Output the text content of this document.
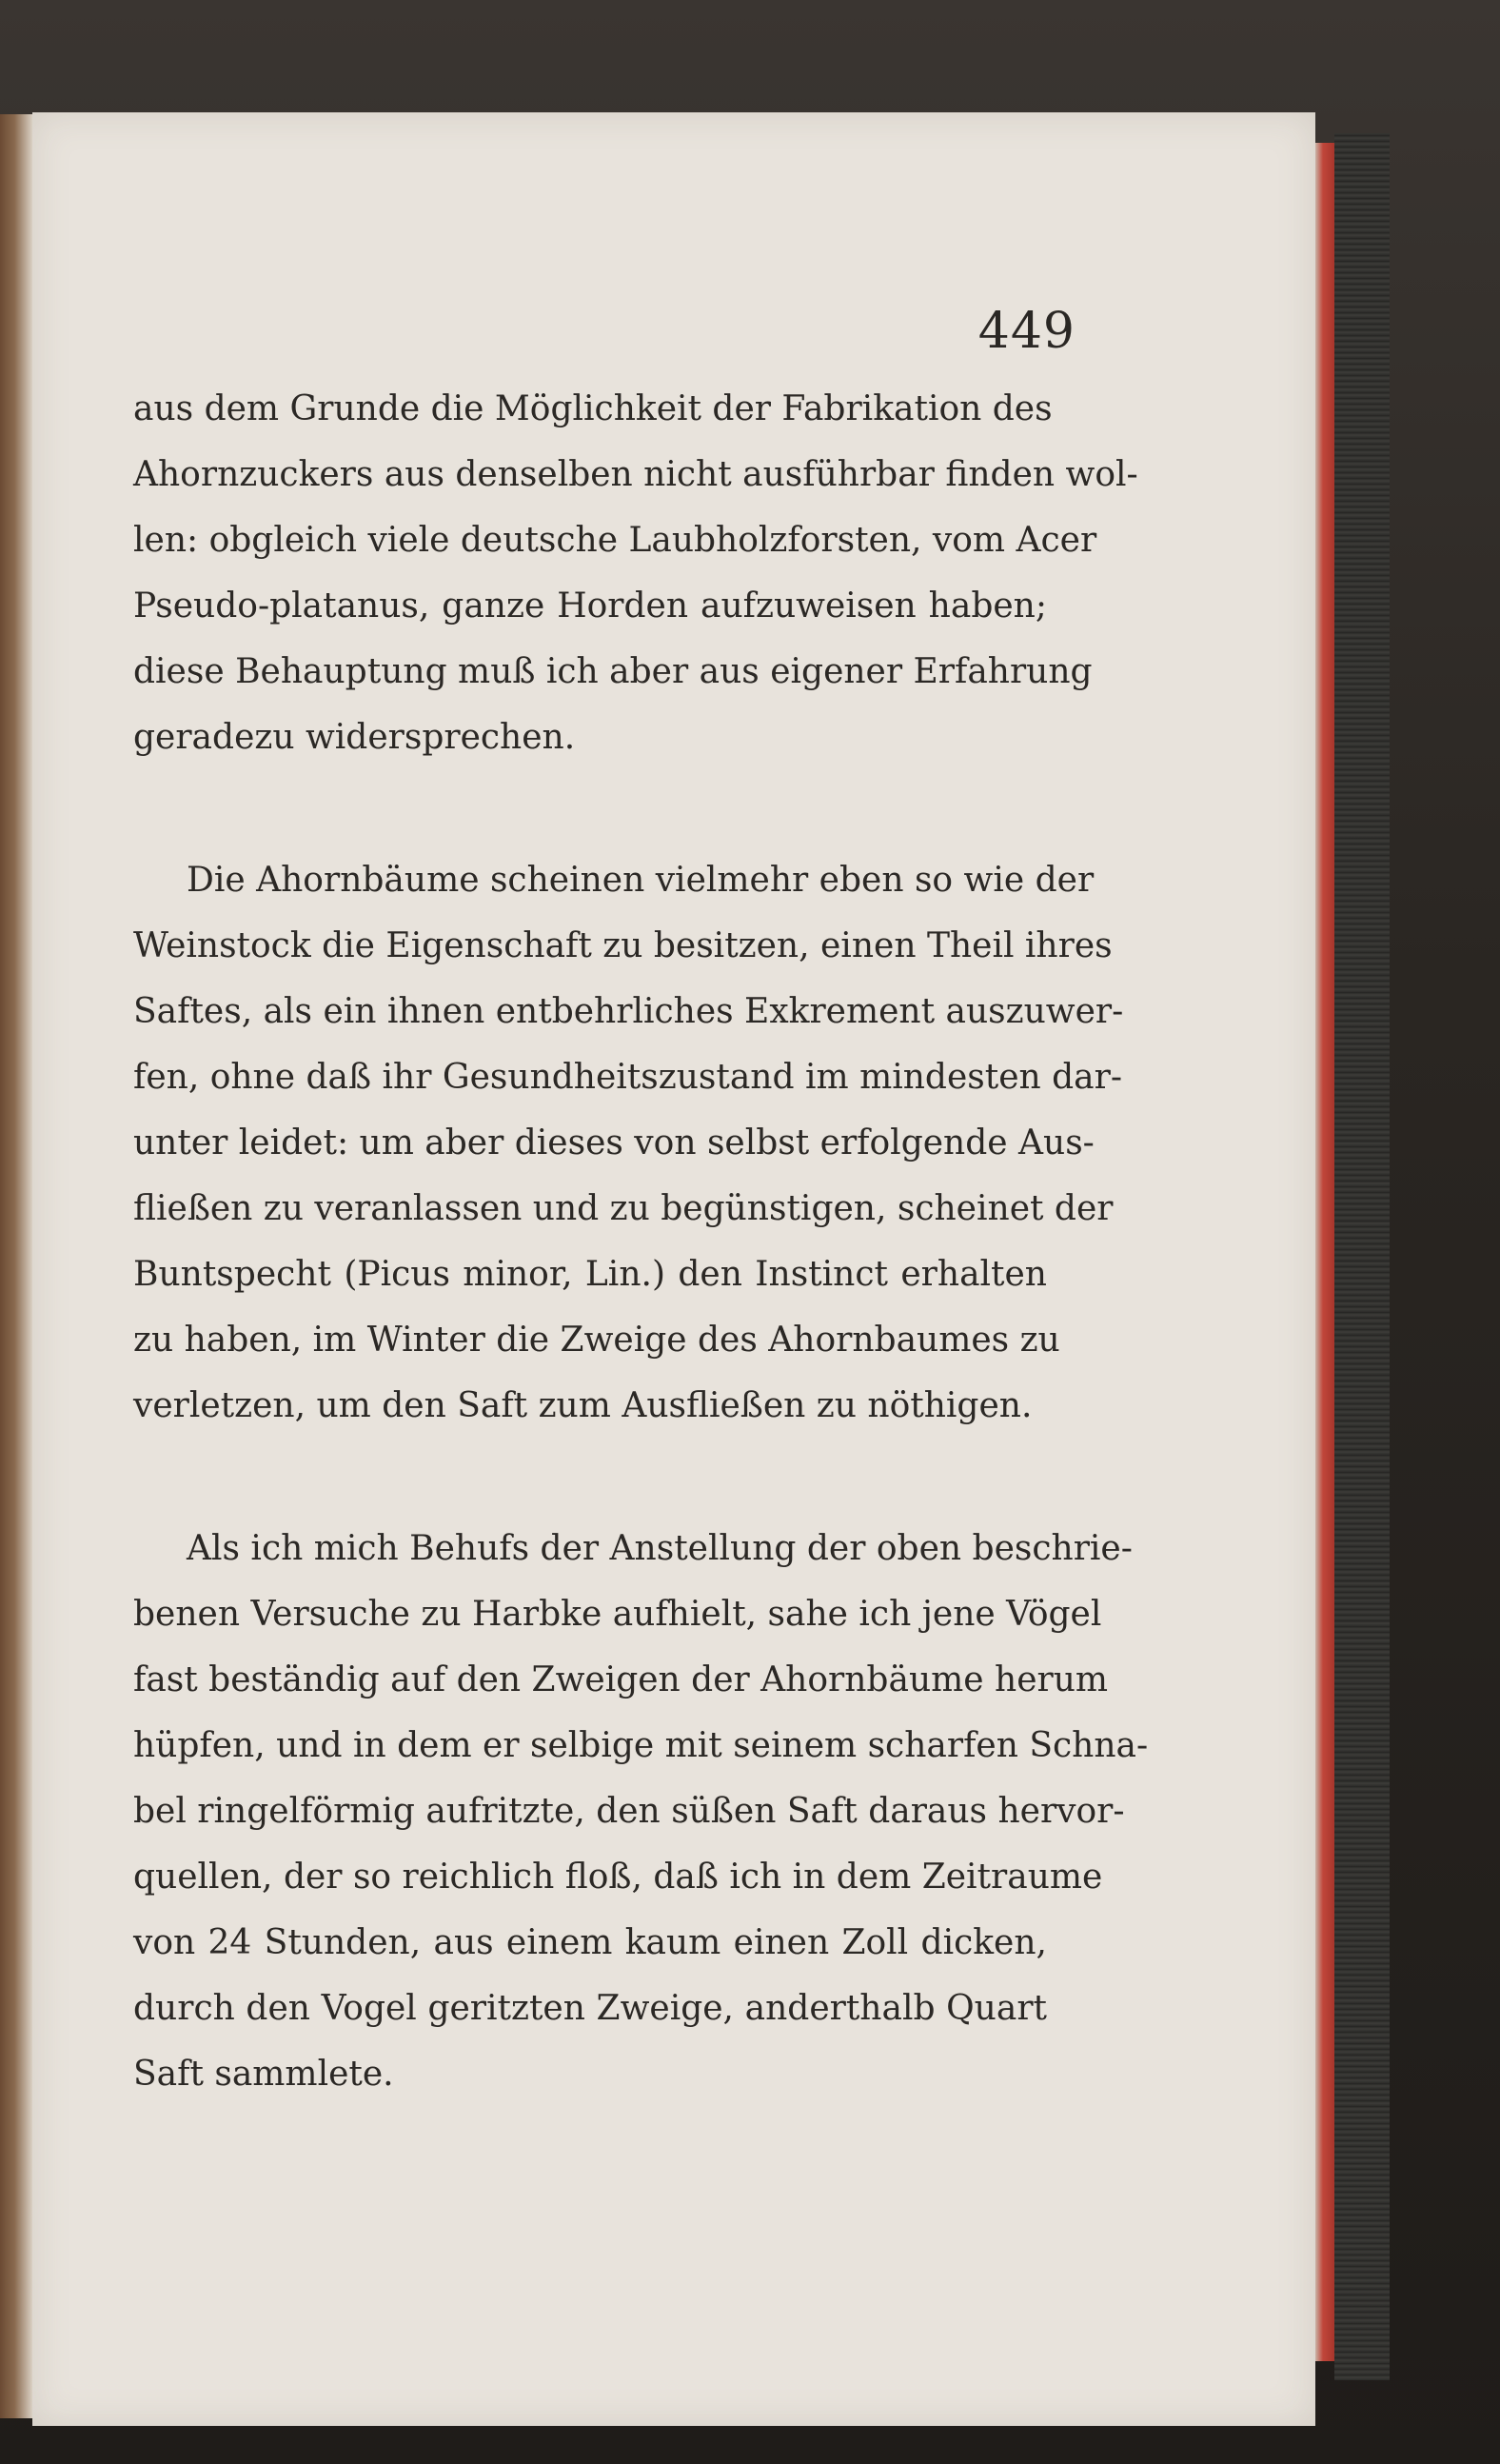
449
aus dem Grunde die Möglichkeit der Fabrikation des
Ahornzuckers aus denselben nicht ausführbar finden wol-
len: obgleich viele deutsche Laubholzforsten, vom Acer
Pseudo-platanus, ganze Horden aufzuweisen haben;
diese Behauptung muß ich aber aus eigener Erfahrung
geradezu widersprechen.
Die Ahornbäume scheinen vielmehr eben so wie der
Weinstock die Eigenschaft zu besitzen, einen Theil ihres
Saftes, als ein ihnen entbehrliches Exkrement auszuwer-
fen, ohne daß ihr Gesundheitszustand im mindesten dar-
unter leidet: um aber dieses von selbst erfolgende Aus-
fließen zu veranlassen und zu begünstigen, scheinet der
Buntspecht (Picus minor, Lin.) den Instinct erhalten
zu haben, im Winter die Zweige des Ahornbaumes zu
verletzen, um den Saft zum Ausfließen zu nöthigen.
Als ich mich Behufs der Anstellung der oben beschrie-
benen Versuche zu Harbke aufhielt, sahe ich jene Vögel
fast beständig auf den Zweigen der Ahornbäume herum
hüpfen, und in dem er selbige mit seinem scharfen Schna-
bel ringelförmig aufritzte, den süßen Saft daraus hervor-
quellen, der so reichlich floß, daß ich in dem Zeitraume
von 24 Stunden, aus einem kaum einen Zoll dicken,
durch den Vogel geritzten Zweige, anderthalb Quart
Saft sammlete.
